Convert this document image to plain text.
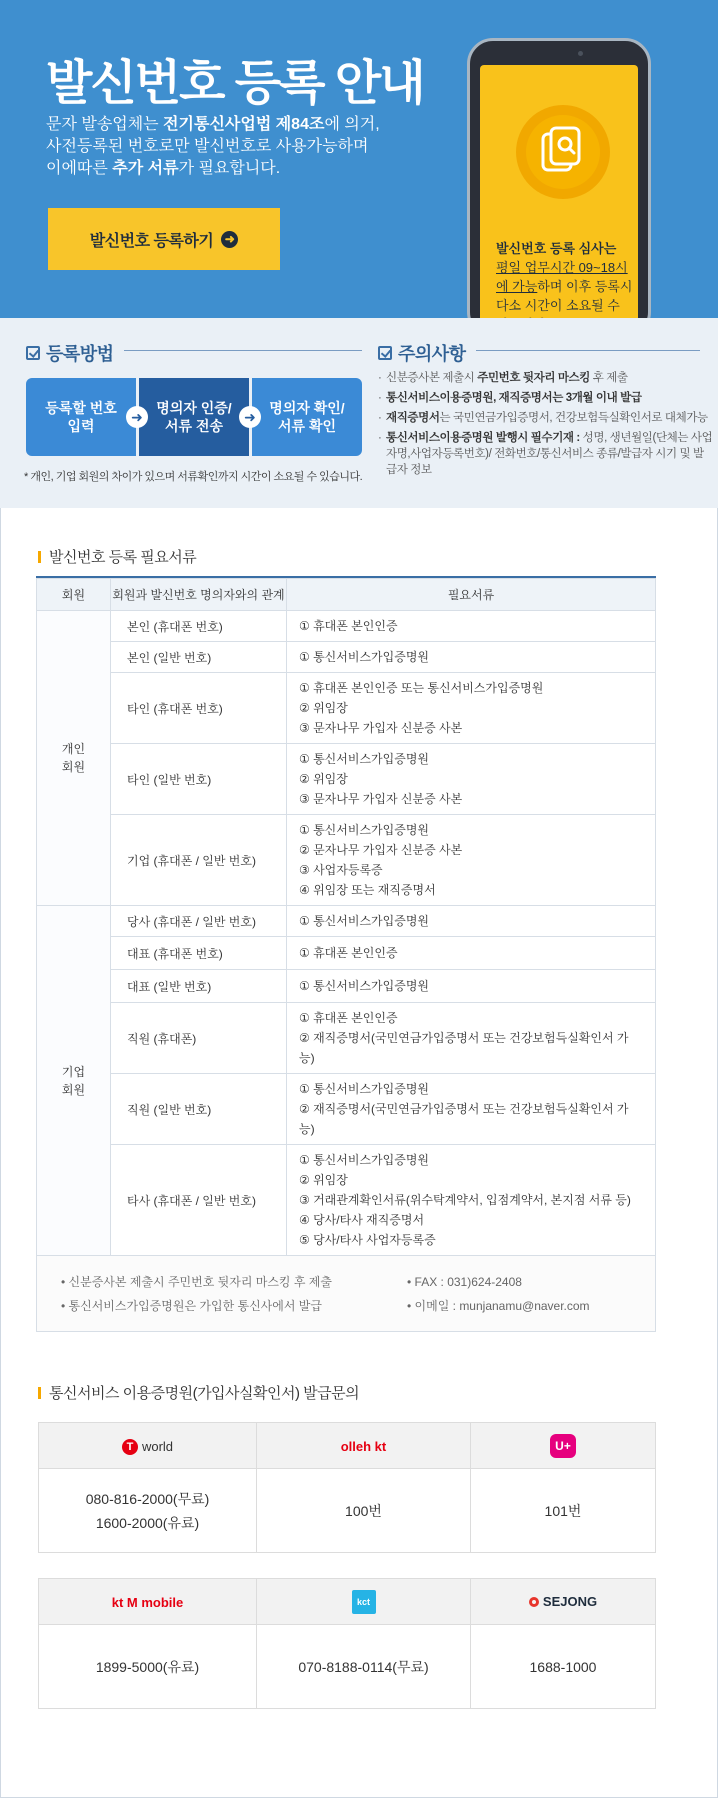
발신번호 등록 안내
문자 발송업체는 전기통신사업법 제84조에 의거,
사전등록된 번호로만 발신번호로 사용가능하며
이에따른 추가 서류가 필요합니다.
발신번호 등록하기 ➜
발신번호 등록 심사는
평일 업무시간 09~18시에 가능하며 이후 등록시 다소 시간이 소요될 수
등록방법
등록할 번호
입력
명의자 인증/
서류 전송
명의자 확인/
서류 확인
➜	➜
* 개인, 기업 회원의 차이가 있으며 서류확인까지 시간이 소요될 수 있습니다.
주의사항
· 신분증사본 제출시 주민번호 뒷자리 마스킹 후 제출
· 통신서비스이용증명원, 재직증명서는 3개월 이내 발급
· 재직증명서는 국민연금가입증명서, 건강보험득실확인서로 대체가능
· 통신서비스이용증명원 발행시 필수기재 : 성명, 생년월일(단체는 사업자명,사업자등록번호)/ 전화번호/통신서비스 종류/발급자 시기 및 발급자 정보
발신번호 등록 필요서류
회원	회원과 발신번호 명의자와의 관계	필요서류
개인
회원	본인 (휴대폰 번호)	① 휴대폰 본인인증

	본인 (일반 번호)	① 통신서비스가입증명원

	타인 (휴대폰 번호)	① 휴대폰 본인인증 또는 통신서비스가입증명원
② 위임장
③ 문자나무 가입자 신분증 사본

	타인 (일반 번호)	① 통신서비스가입증명원
② 위임장
③ 문자나무 가입자 신분증 사본

	기업 (휴대폰 / 일반 번호)	① 통신서비스가입증명원
② 문자나무 가입자 신분증 사본
③ 사업자등록증
④ 위임장 또는 재직증명서

기업
회원	당사 (휴대폰 / 일반 번호)	① 통신서비스가입증명원

	대표 (휴대폰 번호)	① 휴대폰 본인인증

	대표 (일반 번호)	① 통신서비스가입증명원

	직원 (휴대폰)	① 휴대폰 본인인증
② 재직증명서(국민연금가입증명서 또는 건강보험득실확인서 가능)

	직원 (일반 번호)	① 통신서비스가입증명원
② 재직증명서(국민연금가입증명서 또는 건강보험득실확인서 가능)

	타사 (휴대폰 / 일반 번호)	① 통신서비스가입증명원
② 위임장
③ 거래관계확인서류(위수탁계약서, 입점계약서, 본지점 서류 등)
④ 당사/타사 재직증명서
⑤ 당사/타사 사업자등록증

• 신분증사본 제출시 주민번호 뒷자리 마스킹 후 제출
• 통신서비스가입증명원은 가입한 통신사에서 발급
• FAX : 031)624-2408
• 이메일 : munjanamu@naver.com		
통신서비스 이용증명원(가입사실확인서) 발급문의
T world	olleh kt	U+

080-816-2000(무료)
1600-2000(유료)	100번	101번
kt M mobile	kct	SEJONG

1899-5000(유료)	070-8188-0114(무료)	1688-1000
